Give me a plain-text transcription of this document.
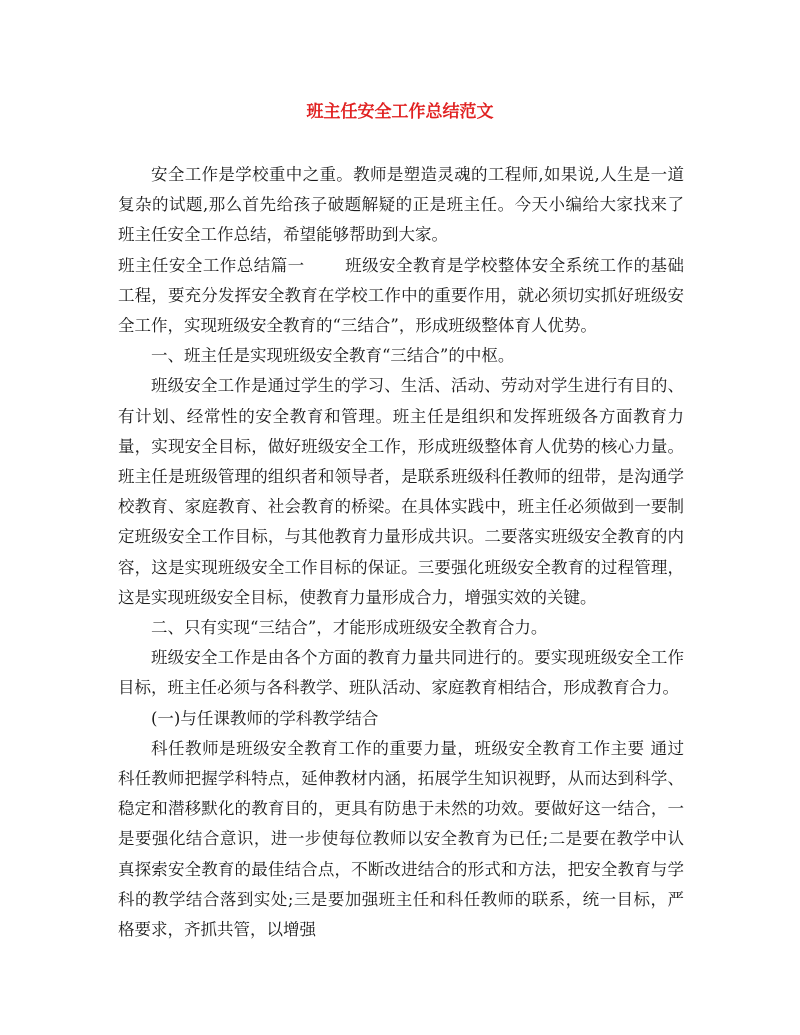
班主任安全工作总结范文

安全工作是学校重中之重。教师是塑造灵魂的工程师,如果说,人生是一道复杂的试题,那么首先给孩子破题解疑的正是班主任。今天小编给大家找来了班主任安全工作总结，希望能够帮助到大家。

班主任安全工作总结篇一 班级安全教育是学校整体安全系统工作的基础工程，要充分发挥安全教育在学校工作中的重要作用，就必须切实抓好班级安全工作，实现班级安全教育的“三结合”，形成班级整体育人优势。

一、班主任是实现班级安全教育“三结合”的中枢。

班级安全工作是通过学生的学习、生活、活动、劳动对学生进行有目的、有计划、经常性的安全教育和管理。班主任是组织和发挥班级各方面教育力量，实现安全目标，做好班级安全工作，形成班级整体育人优势的核心力量。班主任是班级管理的组织者和领导者，是联系班级科任教师的纽带，是沟通学校教育、家庭教育、社会教育的桥梁。在具体实践中，班主任必须做到一要制定班级安全工作目标，与其他教育力量形成共识。二要落实班级安全教育的内容，这是实现班级安全工作目标的保证。三要强化班级安全教育的过程管理，这是实现班级安全目标，使教育力量形成合力，增强实效的关键。

二、只有实现“三结合”，才能形成班级安全教育合力。

班级安全工作是由各个方面的教育力量共同进行的。要实现班级安全工作目标，班主任必须与各科教学、班队活动、家庭教育相结合，形成教育合力。

(一)与任课教师的学科教学结合

科任教师是班级安全教育工作的重要力量，班级安全教育工作主要 通过科任教师把握学科特点，延伸教材内涵，拓展学生知识视野，从而达到科学、稳定和潜移默化的教育目的，更具有防患于未然的功效。要做好这一结合，一是要强化结合意识，进一步使每位教师以安全教育为已任;二是要在教学中认真探索安全教育的最佳结合点，不断改进结合的形式和方法，把安全教育与学科的教学结合落到实处;三是要加强班主任和科任教师的联系，统一目标，严格要求，齐抓共管，以增强
